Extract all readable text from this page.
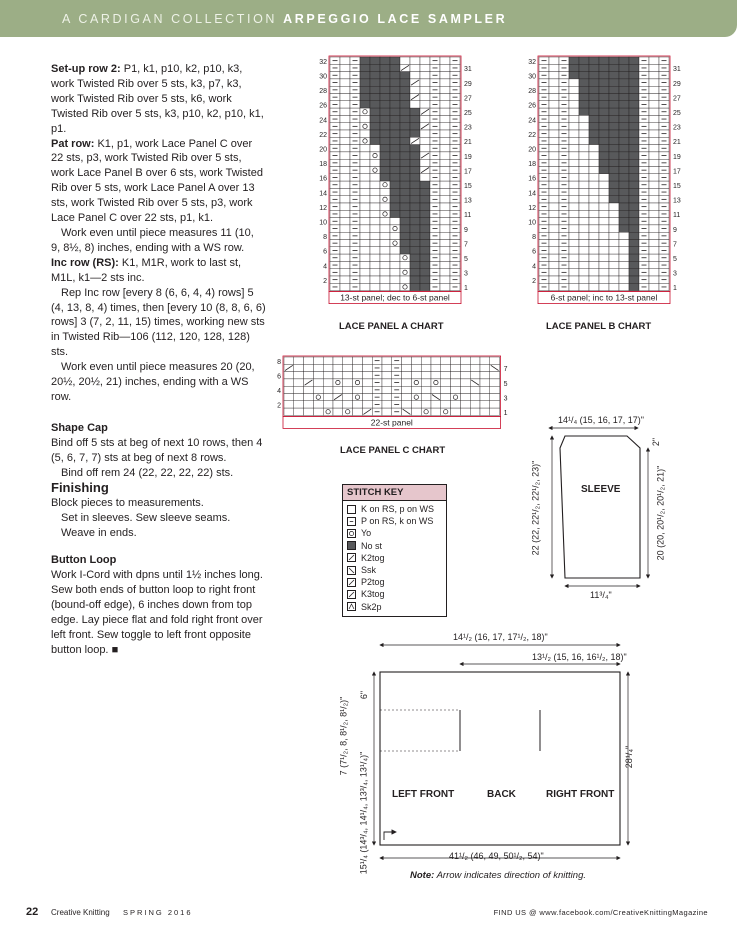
A CARDIGAN COLLECTION ARPEGGIO LACE SAMPLER

Set-up row 2: P1, k1, p10, k2, p10, k3, work Twisted Rib over 5 sts, k3, p7, k3, work Twisted Rib over 5 sts, k6, work Twisted Rib over 5 sts, k3, p10, k2, p10, k1, p1.

Pat row: K1, p1, work Lace Panel C over 22 sts, p3, work Twisted Rib over 5 sts, work Lace Panel B over 6 sts, work Twisted Rib over 5 sts, work Lace Panel A over 13 sts, work Twisted Rib over 5 sts, p3, work Lace Panel C over 22 sts, p1, k1.

Work even until piece measures 11 (10, 9, 8½, 8) inches, ending with a WS row.

Inc row (RS): K1, M1R, work to last st, M1L, k1—2 sts inc.

Rep Inc row [every 8 (6, 6, 4, 4) rows] 5 (4, 13, 8, 4) times, then [every 10 (8, 8, 6, 6) rows] 3 (7, 2, 11, 15) times, working new sts in Twisted Rib—106 (112, 120, 128, 128) sts.

Work even until piece measures 20 (20, 20½, 20½, 21) inches, ending with a WS row.

Shape Cap

Bind off 5 sts at beg of next 10 rows, then 4 (5, 6, 7, 7) sts at beg of next 8 rows.

Bind off rem 24 (22, 22, 22, 22) sts.

Finishing

Block pieces to measurements.

Set in sleeves. Sew sleeve seams.

Weave in ends.

Button Loop

Work I-Cord with dpns until 1½ inches long. Sew both ends of button loop to right front (bound-off edge), 6 inches down from top edge. Lay piece flat and fold right front over left front. Sew toggle to left front opposite button loop. ■

32
30
28
26
24
22
20
18
16
14
12
10
8
6
4
2
31
29
27
25
23
21
19
17
15
13
11
9
7
5
3
1
13-st panel; dec to 6-st panel
32
30
28
26
24
22
20
18
16
14
12
10
8
6
4
2
31
29
27
25
23
21
19
17
15
13
11
9
7
5
3
1
6-st panel; inc to 13-st panel
8
6
4
2
7
5
3
1
22-st panel
LACE PANEL A CHART	LACE PANEL B CHART
LACE PANEL C CHART
STITCH KEY
K on RS, p on WS
P on RS, k on WS
Yo
No st
K2tog
Ssk
P2tog
K3tog
Sk2p
SLEEVE
14¹/₄ (15, 16, 17, 17)"
11³/₄"
22 (22, 22¹/₂, 22¹/₂, 23)"
2"
20 (20, 20¹/₂, 20¹/₂, 21)"
14¹/₂ (16, 17, 17¹/₂, 18)"
13¹/₂ (15, 16, 16¹/₂, 18)"
41¹/₂ (46, 49, 50¹/₂, 54)"
28¹/₄"
7 (7¹/₂, 8, 8¹/₂, 8¹/₂)"
6"
15¹/₄ (14³/₄, 14¹/₄, 13³/₄, 13¹/₄)" LEFT FRONT	BACK	RIGHT FRONT
Note: Arrow indicates direction of knitting.
22 Creative Knitting SPRING 2016	FIND US @ www.facebook.com/CreativeKnittingMagazine
